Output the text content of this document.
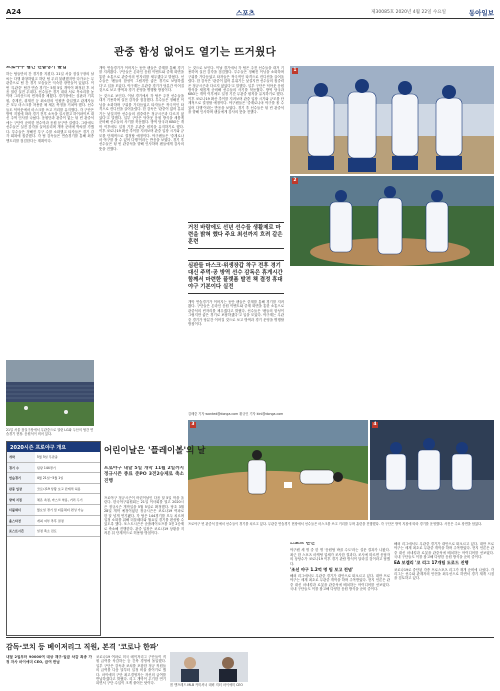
A24	스포츠	제30085호 2020년 4월 22일 수요일	동아일보
관중 함성 없어도 열기는 뜨거웠다
프로야구 팀간 연습경기 돌입

하는 팀들만의 간 경기를 지켰다. 21일 서울 잠실구장의 날씨는 다행 화창하였고 하던 팀 무리 불펜했지만 다가오는 무관중으로 팀 간 경기 모습들은 익숙한 장면들이 있었다. 이번 '무관중' 팀간 연습 경기는 5월 5일 개막이 확정된 후 처음 열린 실전 무대다. 선수들은 경기 내내 서로 목소리를 높이며 그라운드의 빈자리를 채웠다. 경기장에는 심판과 기록원, 중계진, 취재진 등 최소한의 인원만 출입했고 관계자들은 모두 마스크를 착용한 채 체온 측정을 거쳐야 했다. 선수들도 덕아웃에서 마스크를 쓰고 거리를 유지했다. 각 구단은 방역 지침에 따라 경기 전후 소독을 실시했고 하이파이브 대신 주먹 인사를 나눴다. 응원단과 관중이 없는 텅 빈 관중석에는 구단이 준비한 현수막과 응원 문구만 걸렸다. 그럼에도 선수들은 실전 감각을 끌어올리며 개막 준비에 박차를 가했다. 투수들은 정해진 투구 수를 소화했고 타자들은 경기 감각 회복에 집중했다. 각 팀 감독들은 연습경기를 통해 최종 엔트리를 점검한다는 계획이다.

개막 연습경기가 이어지는 동안 팬들은 중계를 통해 경기를 지켜봤다. 구단들은 온라인 응원 이벤트와 중계 화면을 통한 소통으로 관중석의 빈자리를 채우겠다고 밝혔다. 선수들은 '팬들의 함성이 그립지만 좋은 경기로 보답하겠다'고 입을 모았다. 야구계는 무관중 경기가 당분간 이어질 것으로 보고 방역과 경기 운영을 병행할 방침이다.

는 것으로 보인다. 이날 경기에서 각 팀은 주전 선수들을 대거 기용하며 실전 감각을 점검했다. 투수들은 정해진 이닝을 소화하며 구위를 가다듬었고 타자들은 적극적인 타격으로 컨디션을 끌어올렸다. 한 감독은 '관중이 없어 분위기는 낯설지만 선수들의 집중력은 정규시즌과 다르지 않았다'고 말했다. 일부 구단은 덕아웃 응원 방식을 새롭게 준비해 선수들의 사기를 북돋웠다. 방역 당국과 KBO는 개막 이후에도 일정 기간 무관중 원칙을 유지하기로 했다. 이후 코로나19 확산 추이를 지켜보며 관중 입장 시기와 규모를 단계적으로 결정할 예정이다. 야구팬들은 '중계로나마 야구를 볼 수 있어 다행'이라는 반응을 보였다. 경기 후 선수들은 텅 빈 관중석을 향해 인사하며 팬들에게 감사의 뜻을 전했다.

는 것으로 보인다. 이날 경기에서 각 팀은 주전 선수들을 대거 기용하며 실전 감각을 점검했다. 투수들은 정해진 이닝을 소화하며 구위를 가다듬었고 타자들은 적극적인 타격으로 컨디션을 끌어올렸다. 한 감독은 '관중이 없어 분위기는 낯설지만 선수들의 집중력은 정규시즌과 다르지 않았다'고 말했다. 일부 구단은 덕아웃 응원 방식을 새롭게 준비해 선수들의 사기를 북돋웠다. 방역 당국과 KBO는 개막 이후에도 일정 기간 무관중 원칙을 유지하기로 했다. 이후 코로나19 확산 추이를 지켜보며 관중 입장 시기와 규모를 단계적으로 결정할 예정이다. 야구팬들은 '중계로나마 야구를 볼 수 있어 다행'이라는 반응을 보였다. 경기 후 선수들은 텅 빈 관중석을 향해 인사하며 팬들에게 감사의 뜻을 전했다.

거친 바람에도 선년 선수들 생활제로 마련을 밝혀 했다 주요 최선까지 흐려 같은 훈련
심판들 마스크·위생장갑 착구 전후 경기 대신 주먹·공 방역 선수 감독은 휴게시간 함께서 마련한 플랫폼 발전 책 결정 휴대 야구 기본이다 실전

개막 연습경기가 이어지는 동안 팬들은 중계를 통해 경기를 지켜봤다. 구단들은 온라인 응원 이벤트와 중계 화면을 통한 소통으로 관중석의 빈자리를 채우겠다고 밝혔다. 선수들은 '팬들의 함성이 그립지만 좋은 경기로 보답하겠다'고 입을 모았다. 야구계는 무관중 경기가 당분간 이어질 것으로 보고 방역과 경기 운영을 병행할 방침이다.

김배중 기자 wanted@donga.com 황규인 기자 kini@donga.com
21일 서울 잠실구장에서 무관중으로 열린 LG와 두산의 팀간 연습경기 현장. 응원석이 비어 있다.
1
2
3	4
프로야구 빈 관중석 앞에서 선수들이 경기를 치르고 있다. 무관중 연습경기 현장에서 선수들은 마스크를 쓰고 거리를 두며 훈련을 진행했다. 각 구단은 방역 지침에 따라 경기를 운영했다. 사진은 주요 장면을 담았다.
2020시즌 프로야구 개요
개막	5월 5일 무관중
경기 수	팀당 144경기
연습경기	4월 21일~5월 1일
관중 입장	코로나19 상황 보고 단계적 허용
방역 지침	체온 측정, 마스크 착용, 거리 두기
더블헤더	월요일 경기 및 더블헤더 편성 가능
올스타전	개최 여부 추후 결정
포스트시즌	일정 축소 검토
어린이날은 '플레이볼'의 날
프로야구 내달 5일 개막 11월 2일까지 정규시즌 종료 준PO 3전2승제로 축소 진행

프로야구 정규시즌이 어린이날인 다음 달 5일 막을 올린다. 한국야구위원회는 21일 이사회를 열고 2020시즌 정규시즌 개막일을 5월 5일로 확정했다. 당초 3월 28일 개막 예정이었던 정규시즌은 코로나19 여파로 한 달 넘게 연기됐다. 각 팀은 144경기를 모두 치르며 일정 소화를 위해 더블헤더와 월요일 경기를 편성할 수 있도록 했다. 포스트시즌은 준플레이오프를 3전 2승제로 축소해 진행한다. 관중 입장은 코로나19 상황을 지켜본 뒤 단계적으로 허용할 방침이다.

감독·코치 등 베이저리그 직원, 본격 '코로나 한파'
내달 2일부터 90000여 대상 재구·일급 삭감 최종 가정 자사 마이애미 CEO, 급여 반납
코로나19 여파로 미국 메이저리그 구단들이 직원 급여를 삭감하는 등 긴축 경영에 돌입했다. 일부 구단은 감독과 코치를 포함한 정규 직원들의 급여를 다음 달부터 일정 비율 줄이기로 했다. 마이애미 구단 최고경영자는 자신의 급여를 반납하겠다고 밝혔다. 리그 개막이 무기한 연기되면서 구단 수입이 크게 줄어든 탓이다.	롭 맨프레드 MLB 커미셔너 데릭 지터 마이애미 CEO
스포츠 단신

야구팬 세 명 중 한 명 '응원팀 바꿀 수도'라는 설문 결과가 나왔다. 최근 한 스포츠 마케팅 업체가 조사한 결과다. 조사에 따르면 응답자의 상당수가 코로나19 이후 경기 관람 방식이 달라질 것이라고 답했다.

'조선 야구 1.2억 명 팀 보고 전념'

해외 리그에서도 무관중 경기가 대안으로 떠오르고 있다. 대만 프로야구는 세계 최초로 무관중 개막을 하며 주목받았다. 현지 언론은 관중 대신 마네킹과 로봇을 관중석에 배치하는 아이디어를 선보였다. 국내 구단들도 이를 참고해 다양한 응원 방식을 준비 중이다.

해외 리그에서도 무관중 경기가 대안으로 떠오르고 있다. 대만 프로야구는 세계 최초로 무관중 개막을 하며 주목받았다. 현지 언론은 관중 대신 마네킹과 로봇을 관중석에 배치하는 아이디어를 선보였다. 국내 구단들도 이를 참고해 다양한 응원 방식을 준비 중이다.

EA 보겔리 '코 리그 17개팀 도로드 진행

코로나19로 중단된 각종 프로스포츠 리그가 재개 준비에 나섰다. 각 리그는 선수와 관계자의 안전을 최우선으로 하면서 경기 재개 시점을 검토하고 있다.
